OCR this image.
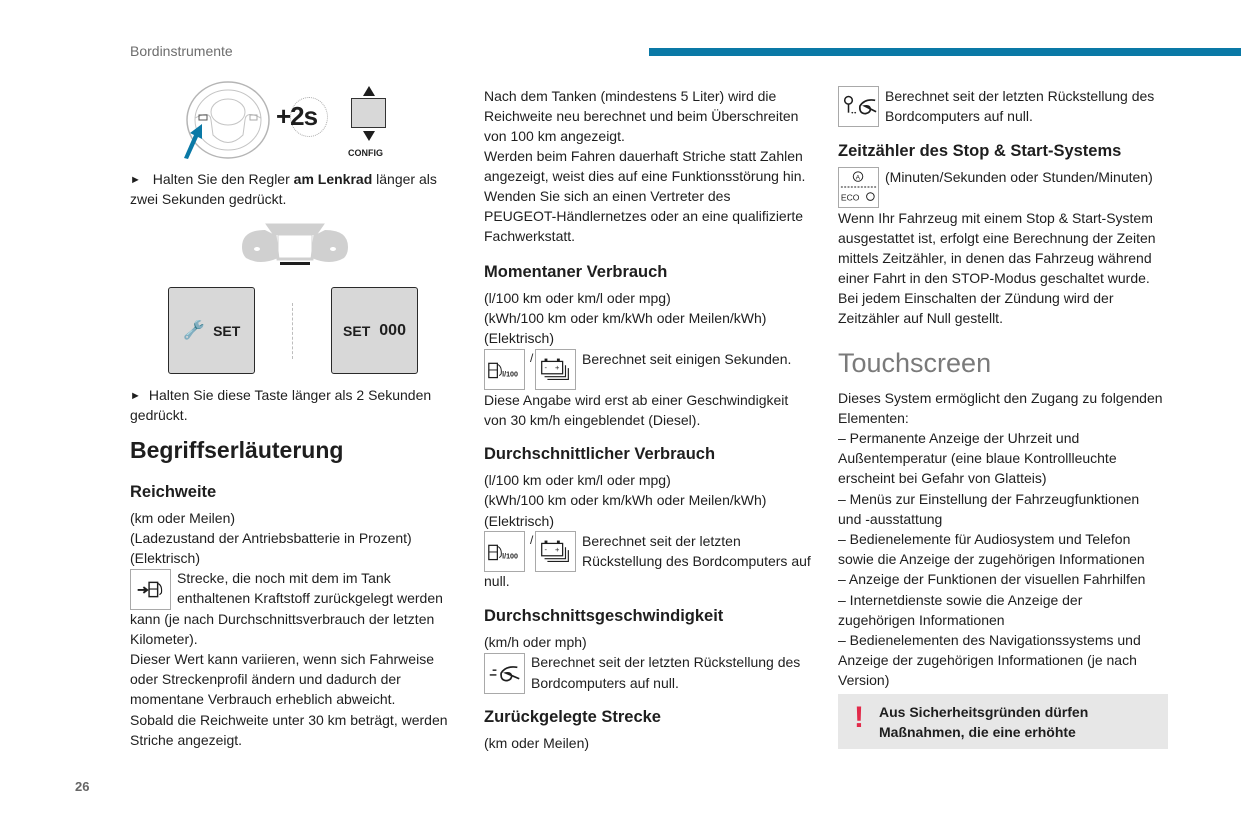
Bordinstrumente
+2s
CONFIG
► Halten Sie den Regler am Lenkrad länger als
zwei Sekunden gedrückt.
🔧 SET	SET 000
► Halten Sie diese Taste länger als 2 Sekunden
gedrückt.
Begriffserläuterung
Reichweite
(km oder Meilen)
(Ladezustand der Antriebsbatterie in Prozent)
(Elektrisch)
Strecke, die noch mit dem im Tank
enthaltenen Kraftstoff zurückgelegt werden
kann (je nach Durchschnittsverbrauch der letzten
Kilometer).
Dieser Wert kann variieren, wenn sich Fahrweise
oder Streckenprofil ändern und dadurch der
momentane Verbrauch erheblich abweicht.
Sobald die Reichweite unter 30 km beträgt, werden
Striche angezeigt.
Nach dem Tanken (mindestens 5 Liter) wird die
Reichweite neu berechnet und beim Überschreiten
von 100 km angezeigt.
Werden beim Fahren dauerhaft Striche statt Zahlen
angezeigt, weist dies auf eine Funktionsstörung hin.
Wenden Sie sich an einen Vertreter des
PEUGEOT-Händlernetzes oder an eine qualifizierte
Fachwerkstatt.
Momentaner Verbrauch
(l/100 km oder km/l oder mpg)
(kWh/100 km oder km/kWh oder Meilen/kWh)
(Elektrisch)
l/100
/
- +
Berechnet seit einigen Sekunden.
Diese Angabe wird erst ab einer Geschwindigkeit
von 30 km/h eingeblendet (Diesel).
Durchschnittlicher Verbrauch
(l/100 km oder km/l oder mpg)
(kWh/100 km oder km/kWh oder Meilen/kWh)
(Elektrisch)
l/100
/
- +
Berechnet seit der letzten
Rückstellung des Bordcomputers auf
null.
Durchschnittsgeschwindigkeit
(km/h oder mph)
Berechnet seit der letzten Rückstellung des
Bordcomputers auf null.
Zurückgelegte Strecke
(km oder Meilen)
Berechnet seit der letzten Rückstellung des
Bordcomputers auf null.
Zeitzähler des Stop & Start-Systems
A
ECO
(Minuten/Sekunden oder Stunden/Minuten)
Wenn Ihr Fahrzeug mit einem Stop & Start-System
ausgestattet ist, erfolgt eine Berechnung der Zeiten
mittels Zeitzähler, in denen das Fahrzeug während
einer Fahrt in den STOP-Modus geschaltet wurde.
Bei jedem Einschalten der Zündung wird der
Zeitzähler auf Null gestellt.
Touchscreen
Dieses System ermöglicht den Zugang zu folgenden
Elementen:
– Permanente Anzeige der Uhrzeit und
Außentemperatur (eine blaue Kontrollleuchte
erscheint bei Gefahr von Glatteis)
– Menüs zur Einstellung der Fahrzeugfunktionen
und -ausstattung
– Bedienelemente für Audiosystem und Telefon
sowie die Anzeige der zugehörigen Informationen
– Anzeige der Funktionen der visuellen Fahrhilfen
– Internetdienste sowie die Anzeige der
zugehörigen Informationen
– Bedienelementen des Navigationssystems und
Anzeige der zugehörigen Informationen (je nach
Version)
! Aus Sicherheitsgründen dürfen
Maßnahmen, die eine erhöhte
26
